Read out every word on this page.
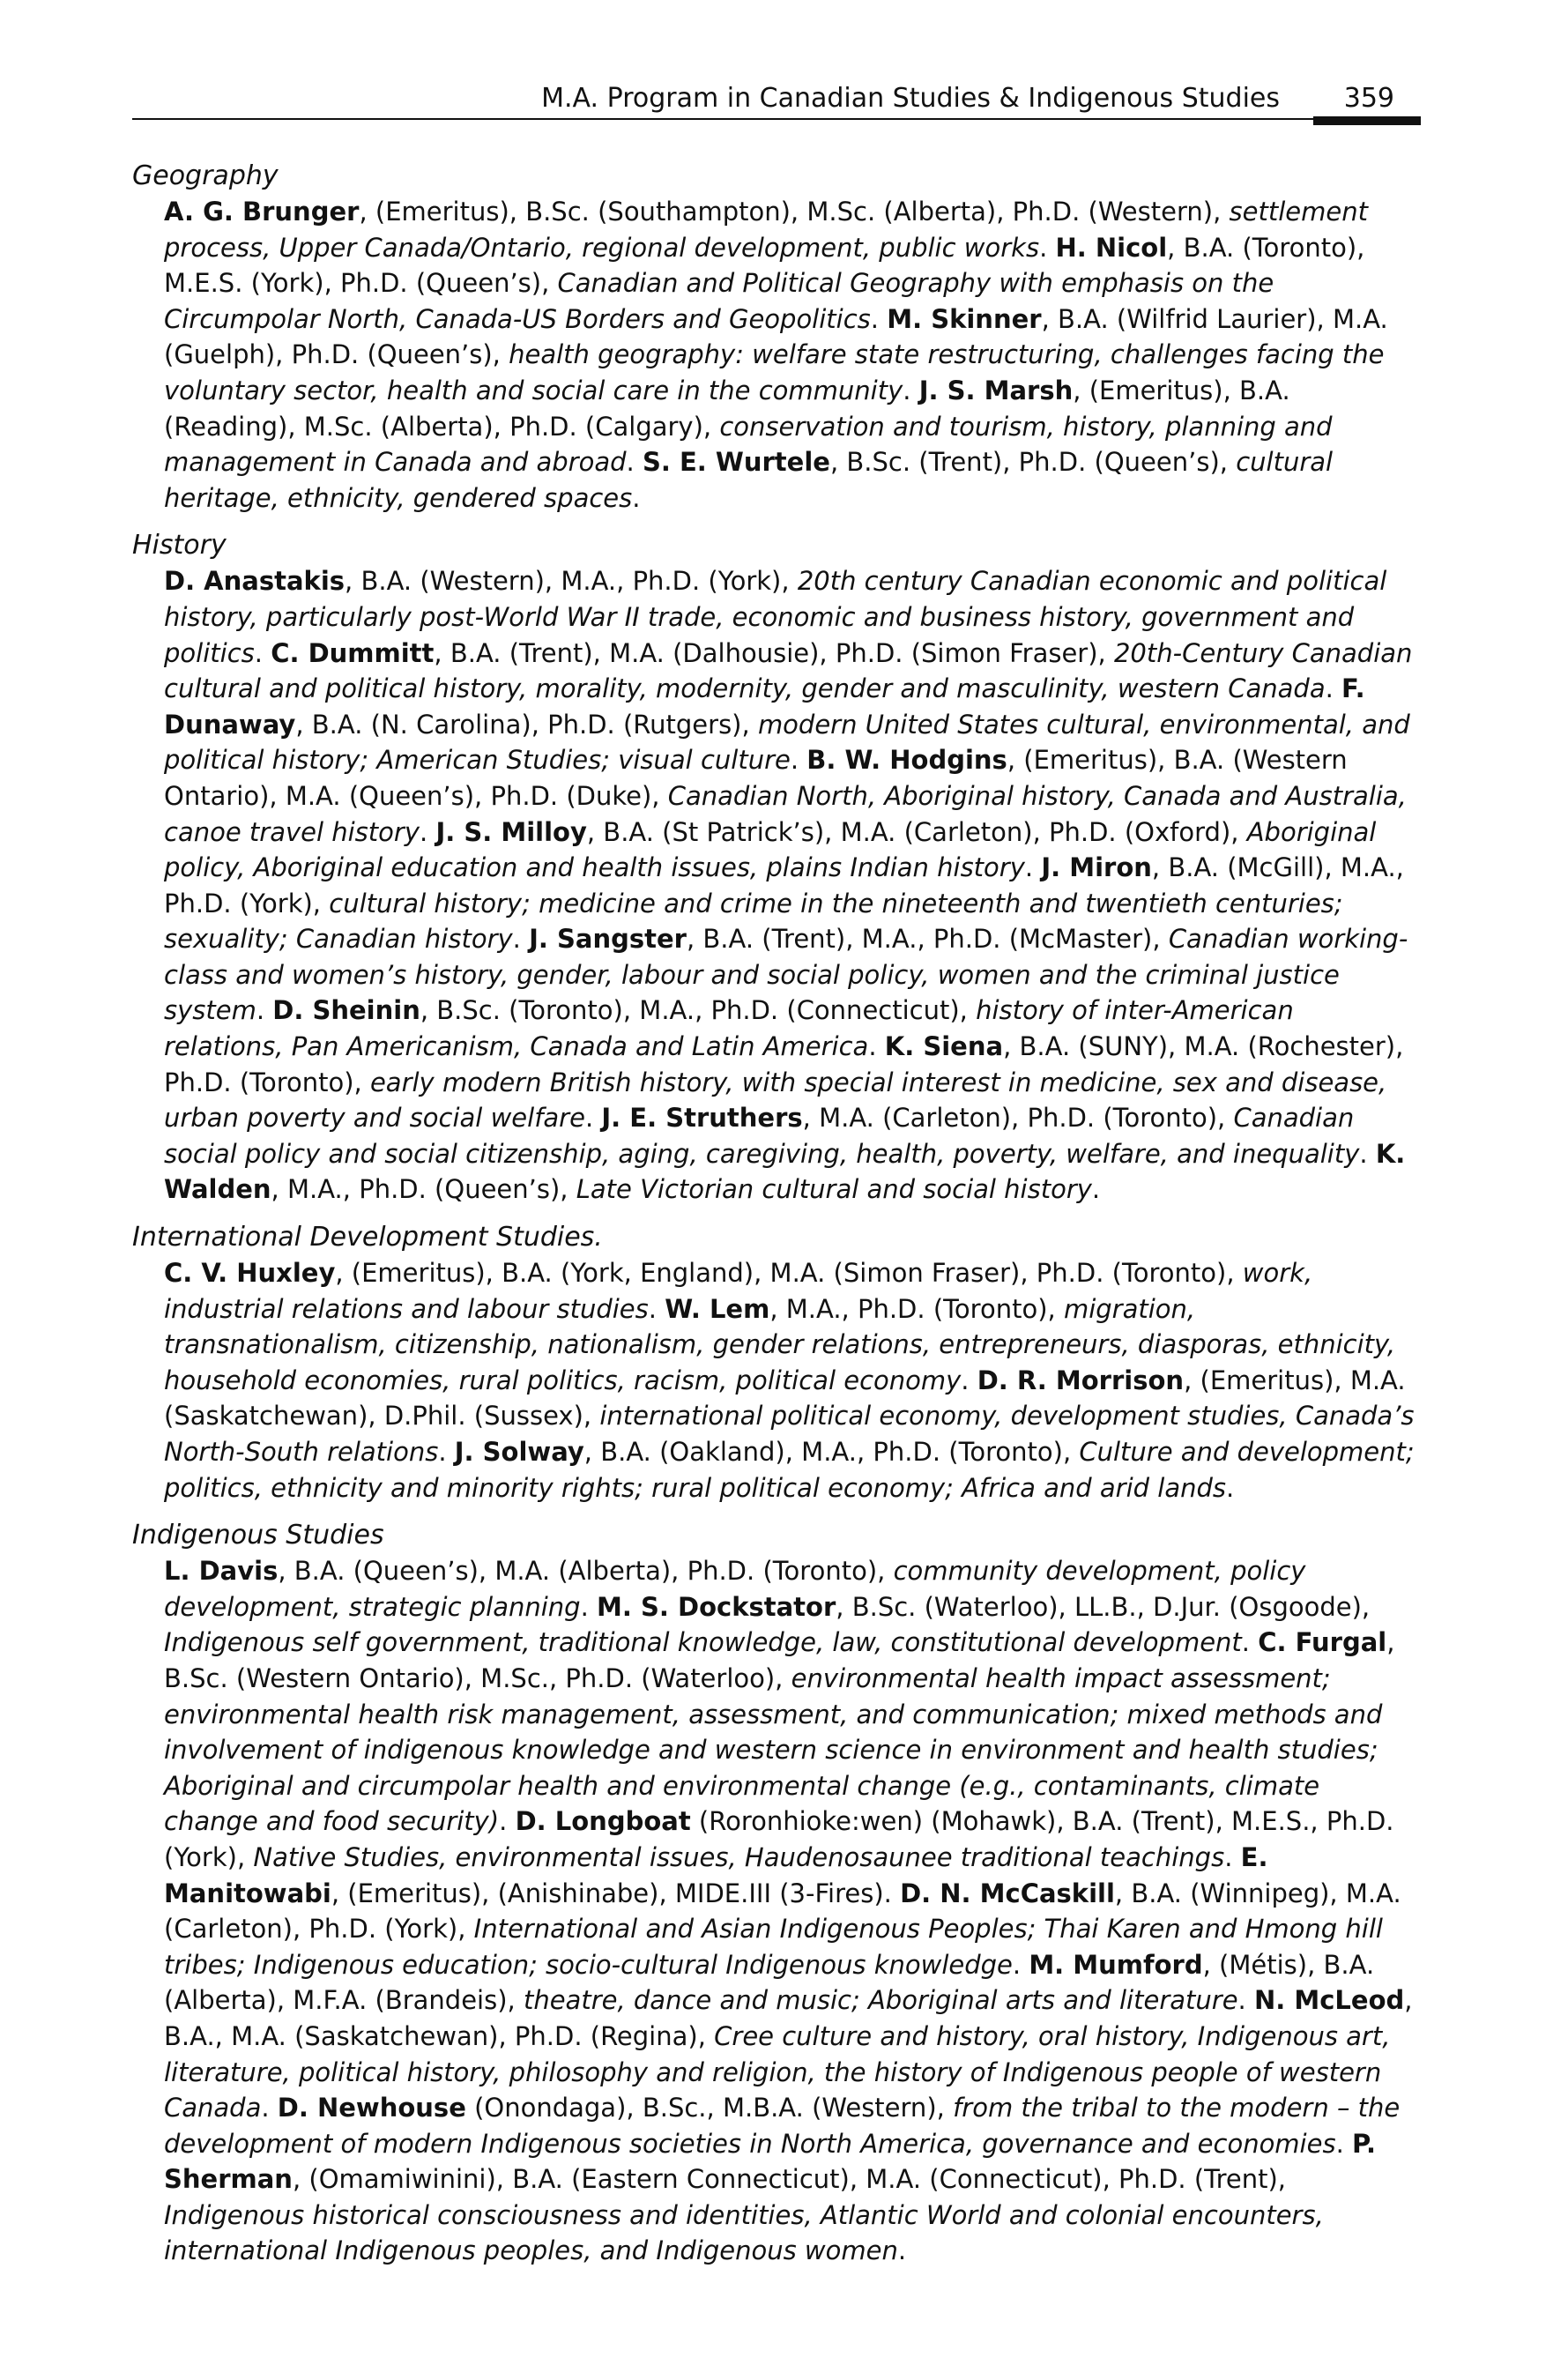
M.A. Program in Canadian Studies & Indigenous Studies 359

Geography

A. G. Brunger, (Emeritus), B.Sc. (Southampton), M.Sc. (Alberta), Ph.D. (Western), settlement process, Upper Canada/Ontario, regional development, public works. H. Nicol, B.A. (Toronto), M.E.S. (York), Ph.D. (Queen’s), Canadian and Political Geography with emphasis on the Circumpolar North, Canada-US Borders and Geopolitics. M. Skinner, B.A. (Wilfrid Laurier), M.A. (Guelph), Ph.D. (Queen’s), health geography: welfare state restructuring, challenges facing the voluntary sector, health and social care in the community. J. S. Marsh, (Emeritus), B.A. (Reading), M.Sc. (Alberta), Ph.D. (Calgary), conservation and tourism, history, planning and management in Canada and abroad. S. E. Wurtele, B.Sc. (Trent), Ph.D. (Queen’s), cultural heritage, ethnicity, gendered spaces.

History

D. Anastakis, B.A. (Western), M.A., Ph.D. (York), 20th century Canadian economic and political history, particularly post-World War II trade, economic and business history, government and politics. C. Dummitt, B.A. (Trent), M.A. (Dalhousie), Ph.D. (Simon Fraser), 20th-Century Canadian cultural and political history, morality, modernity, gender and masculinity, western Canada. F. Dunaway, B.A. (N. Carolina), Ph.D. (Rutgers), modern United States cultural, environmental, and political history; American Studies; visual culture. B. W. Hodgins, (Emeritus), B.A. (Western Ontario), M.A. (Queen’s), Ph.D. (Duke), Canadian North, Aboriginal history, Canada and Australia, canoe travel history. J. S. Milloy, B.A. (St Patrick’s), M.A. (Carleton), Ph.D. (Oxford), Aboriginal policy, Aboriginal education and health issues, plains Indian history. J. Miron, B.A. (McGill), M.A., Ph.D. (York), cultural history; medicine and crime in the nineteenth and twentieth centuries; sexuality; Canadian history. J. Sangster, B.A. (Trent), M.A., Ph.D. (McMaster), Canadian working-class and women’s history, gender, labour and social policy, women and the criminal justice system. D. Sheinin, B.Sc. (Toronto), M.A., Ph.D. (Connecticut), history of inter-American relations, Pan Americanism, Canada and Latin America. K. Siena, B.A. (SUNY), M.A. (Rochester), Ph.D. (Toronto), early modern British history, with special interest in medicine, sex and disease, urban poverty and social welfare. J. E. Struthers, M.A. (Carleton), Ph.D. (Toronto), Canadian social policy and social citizenship, aging, caregiving, health, poverty, welfare, and inequality. K. Walden, M.A., Ph.D. (Queen’s), Late Victorian cultural and social history.

International Development Studies.

C. V. Huxley, (Emeritus), B.A. (York, England), M.A. (Simon Fraser), Ph.D. (Toronto), work, industrial relations and labour studies. W. Lem, M.A., Ph.D. (Toronto), migration, transnationalism, citizenship, nationalism, gender relations, entrepreneurs, diasporas, ethnicity, household economies, rural politics, racism, political economy. D. R. Morrison, (Emeritus), M.A. (Saskatchewan), D.Phil. (Sussex), international political economy, development studies, Canada’s North-South relations. J. Solway, B.A. (Oakland), M.A., Ph.D. (Toronto), Culture and development; politics, ethnicity and minority rights; rural political economy; Africa and arid lands.

Indigenous Studies

L. Davis, B.A. (Queen’s), M.A. (Alberta), Ph.D. (Toronto), community development, policy development, strategic planning. M. S. Dockstator, B.Sc. (Waterloo), LL.B., D.Jur. (Osgoode), Indigenous self government, traditional knowledge, law, constitutional development. C. Furgal, B.Sc. (Western Ontario), M.Sc., Ph.D. (Waterloo), environmental health impact assessment; environmental health risk management, assessment, and communication; mixed methods and involvement of indigenous knowledge and western science in environment and health studies; Aboriginal and circumpolar health and environmental change (e.g., contaminants, climate change and food security). D. Longboat (Roronhioke:wen) (Mohawk), B.A. (Trent), M.E.S., Ph.D. (York), Native Studies, environmental issues, Haudenosaunee traditional teachings. E. Manitowabi, (Emeritus), (Anishinabe), MIDE.III (3-Fires). D. N. McCaskill, B.A. (Winnipeg), M.A. (Carleton), Ph.D. (York), International and Asian Indigenous Peoples; Thai Karen and Hmong hill tribes; Indigenous education; socio-cultural Indigenous knowledge. M. Mumford, (Métis), B.A. (Alberta), M.F.A. (Brandeis), theatre, dance and music; Aboriginal arts and literature. N. McLeod, B.A., M.A. (Saskatchewan), Ph.D. (Regina), Cree culture and history, oral history, Indigenous art, literature, political history, philosophy and religion, the history of Indigenous people of western Canada. D. Newhouse (Onondaga), B.Sc., M.B.A. (Western), from the tribal to the modern – the development of modern Indigenous societies in North America, governance and economies. P. Sherman, (Omamiwinini), B.A. (Eastern Connecticut), M.A. (Connecticut), Ph.D. (Trent), Indigenous historical consciousness and identities, Atlantic World and colonial encounters, international Indigenous peoples, and Indigenous women.
